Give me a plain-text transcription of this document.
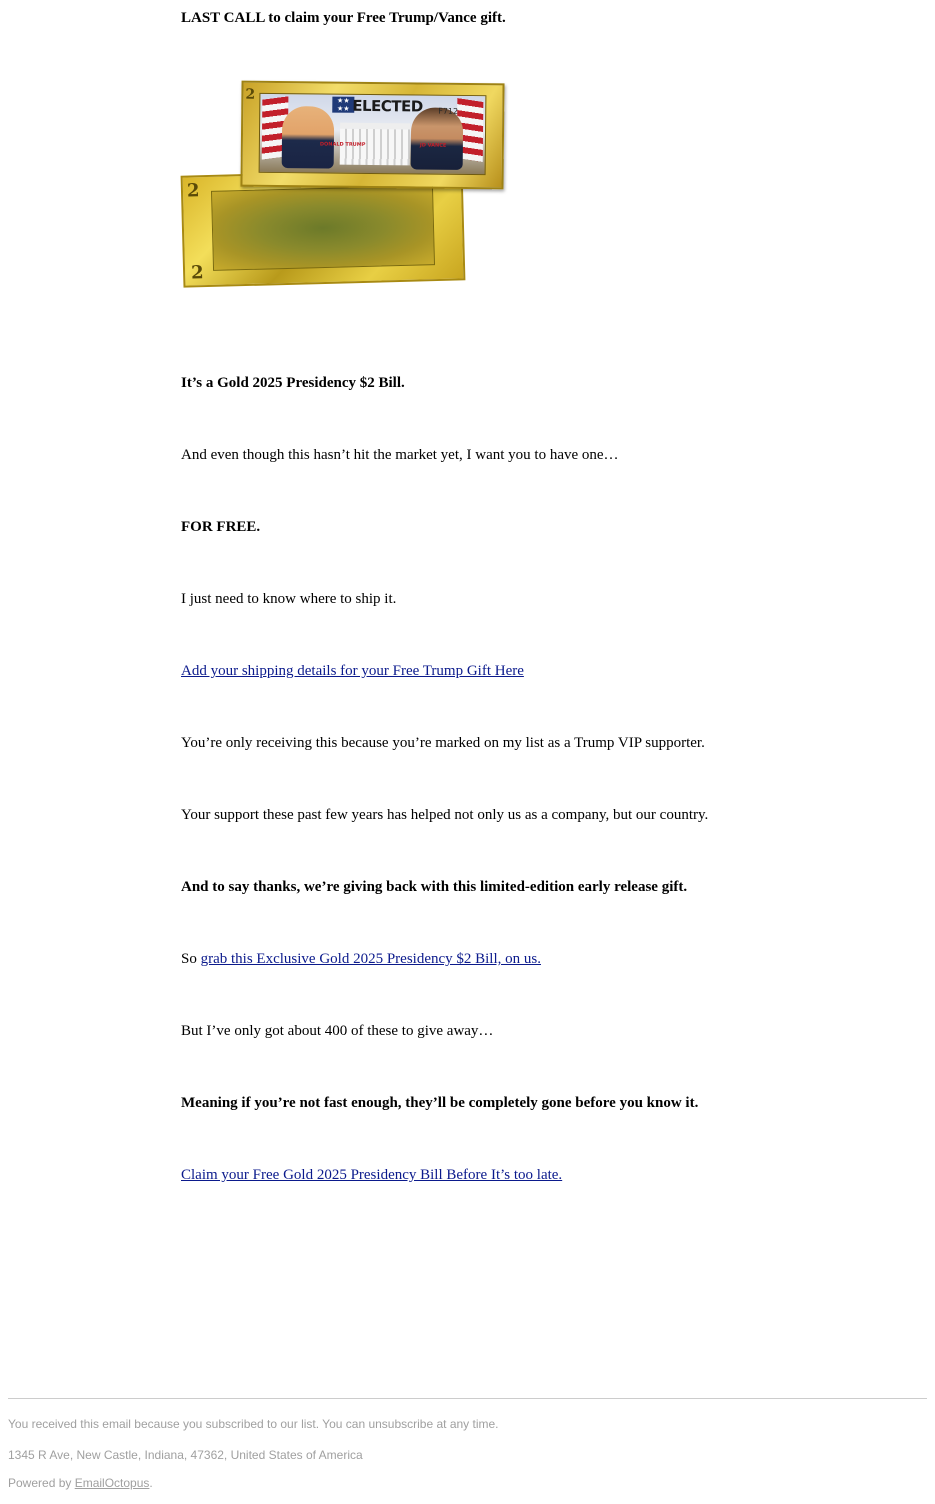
LAST CALL to claim your Free Trump/Vance gift.
2
2
2	★★
★★ ELECTED F712
DONALD TRUMP	JD VANCE
It’s a Gold 2025 Presidency $2 Bill.
And even though this hasn’t hit the market yet, I want you to have one…
FOR FREE.
I just need to know where to ship it.
Add your shipping details for your Free Trump Gift Here
You’re only receiving this because you’re marked on my list as a Trump VIP supporter.
Your support these past few years has helped not only us as a company, but our country.
And to say thanks, we’re giving back with this limited-edition early release gift.
So grab this Exclusive Gold 2025 Presidency $2 Bill, on us.
But I’ve only got about 400 of these to give away…
Meaning if you’re not fast enough, they’ll be completely gone before you know it.
Claim your Free Gold 2025 Presidency Bill Before It’s too late.
You received this email because you subscribed to our list. You can unsubscribe at any time.
1345 R Ave, New Castle, Indiana, 47362, United States of America
Powered by EmailOctopus.
